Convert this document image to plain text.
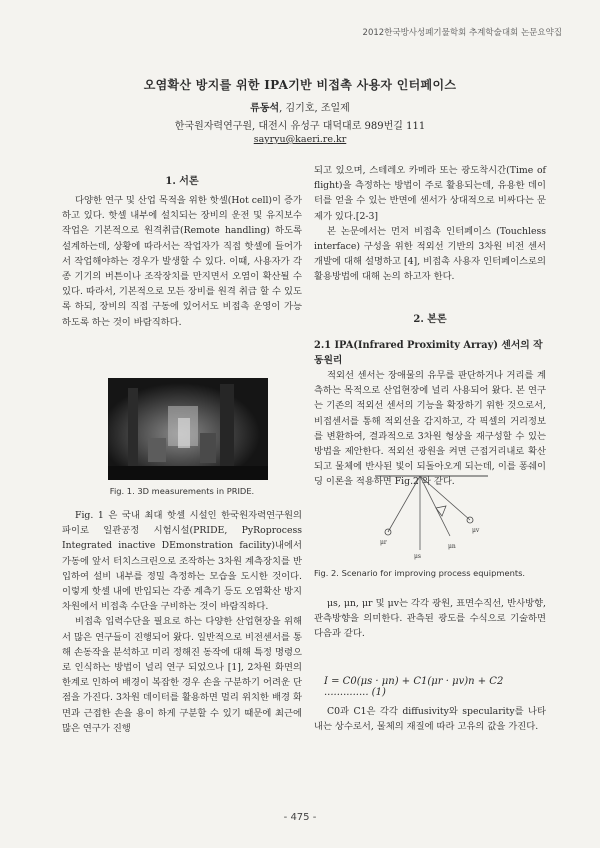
2012한국방사성폐기물학회 추계학술대회 논문요약집
오염확산 방지를 위한 IPA기반 비접촉 사용자 인터페이스
류동석, 김기호, 조일제
한국원자력연구원, 대전시 유성구 대덕대로 989번길 111
sayryu@kaeri.re.kr
1. 서론

다양한 연구 및 산업 목적을 위한 핫셀(Hot cell)이 증가하고 있다. 핫셀 내부에 설치되는 장비의 운전 및 유지보수 작업은 기본적으로 원격취급(Remote handling) 하도록 설계하는데, 상황에 따라서는 작업자가 직접 핫셀에 들어가서 작업해야하는 경우가 발생할 수 있다. 이때, 사용자가 각종 기기의 버튼이나 조작장치를 만지면서 오염이 확산될 수 있다. 따라서, 기본적으로 모든 장비를 원격 취급 할 수 있도록 하되, 장비의 직접 구동에 있어서도 비접촉 운영이 가능하도록 하는 것이 바람직하다.

Fig. 1. 3D measurements in PRIDE.

Fig. 1 은 국내 최대 핫셀 시설인 한국원자력연구원의 파이로 일관공정 시험시설(PRIDE, PyRoprocess Integrated inactive DEmonstration facility)내에서 가동에 앞서 터치스크린으로 조작하는 3차원 계측장치를 반입하여 설비 내부를 정밀 측정하는 모습을 도시한 것이다. 이렇게 핫셀 내에 반입되는 각종 계측기 등도 오염확산 방지 차원에서 비접촉 수단을 구비하는 것이 바람직하다.

비접촉 입력수단을 필요로 하는 다양한 산업현장을 위해서 많은 연구들이 진행되어 왔다. 일반적으로 비전센서를 통해 손동작을 분석하고 미리 정해진 동작에 대해 특정 명령으로 인식하는 방법이 널리 연구 되었으나 [1], 2차원 화면의 한계로 인하여 배경이 복잡한 경우 손을 구분하기 어려운 단점을 가진다. 3차원 데이터를 활용하면 멀리 위치한 배경 화면과 근접한 손을 용이 하게 구분할 수 있기 때문에 최근에 많은 연구가 진행

되고 있으며, 스테레오 카메라 또는 광도착시간(Time of flight)을 측정하는 방법이 주로 활용되는데, 유용한 데이터를 얻을 수 있는 반면에 센서가 상대적으로 비싸다는 문제가 있다.[2-3]

본 논문에서는 먼저 비접촉 인터페이스 (Touchless interface) 구성을 위한 적외선 기반의 3차원 비전 센서 개발에 대해 설명하고 [4], 비접촉 사용자 인터페이스로의 활용방법에 대해 논의 하고자 한다.

2. 본론
2.1 IPA(Infrared Proximity Array) 센서의 작동원리

적외선 센서는 장애물의 유무를 판단하거나 거리를 계측하는 목적으로 산업현장에 널리 사용되어 왔다. 본 연구는 기존의 적외선 센서의 기능을 확장하기 위한 것으로서, 비접센서를 통해 적외선을 감지하고, 각 픽셀의 거리정보를 변환하여, 결과적으로 3차원 형상을 재구성할 수 있는 방법을 제안한다. 적외선 광원을 켜면 근접거리내로 확산되고 물체에 반사된 빛이 되돌아오게 되는데, 이를 퐁쉐이딩 이론을 적용하면 Fig.2 와 같다.

μr
μs
μn
μv
Fig. 2. Scenario for improving process equipments.

μs, μn, μr 및 μv는 각각 광원, 표면수직선, 반사방향, 관측방향을 의미한다. 관측된 광도를 수식으로 기술하면 다음과 같다.

I = C0(μs · μn) + C1(μr · μv)n + C2 .............. (1)

C0과 C1은 각각 diffusivity와 specularity를 나타내는 상수로서, 물체의 재질에 따라 고유의 값을 가진다.

- 475 -
